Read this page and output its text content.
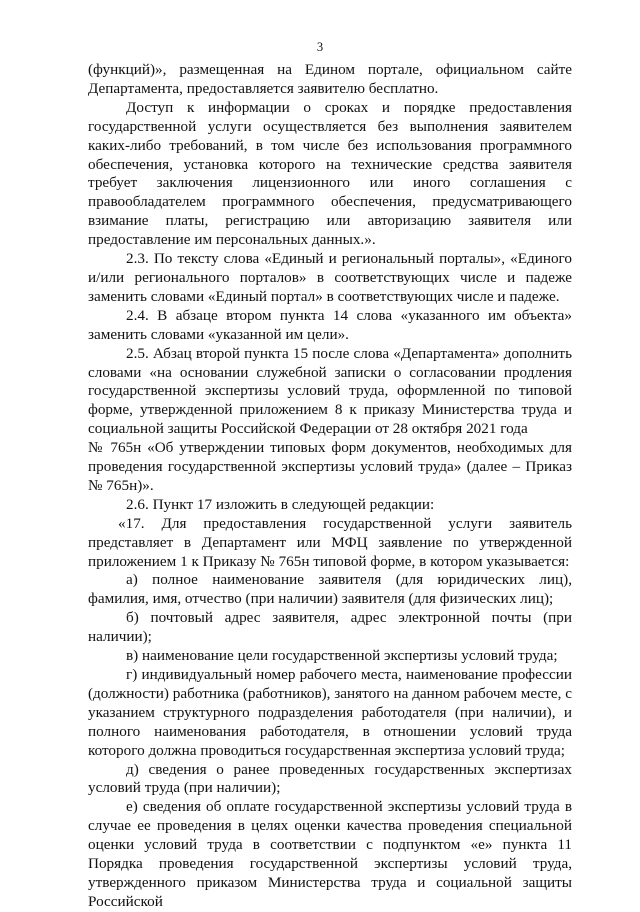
3

(функций)», размещенная на Едином портале, официальном сайте Департамента, предоставляется заявителю бесплатно.

Доступ к информации о сроках и порядке предоставления государственной услуги осуществляется без выполнения заявителем каких-либо требований, в том числе без использования программного обеспечения, установка которого на технические средства заявителя требует заключения лицензионного или иного соглашения с правообладателем программного обеспечения, предусматривающего взимание платы, регистрацию или авторизацию заявителя или предоставление им персональных данных.».

2.3. По тексту слова «Единый и региональный порталы», «Единого и/или регионального порталов» в соответствующих числе и падеже заменить словами «Единый портал» в соответствующих числе и падеже.

2.4. В абзаце втором пункта 14 слова «указанного им объекта» заменить словами «указанной им цели».

2.5. Абзац второй пункта 15 после слова «Департамента» дополнить словами «на основании служебной записки о согласовании продления государственной экспертизы условий труда, оформленной по типовой форме, утвержденной приложением 8 к приказу Министерства труда и социальной защиты Российской Федерации от 28 октября 2021 года

№ 765н «Об утверждении типовых форм документов, необходимых для проведения государственной экспертизы условий труда» (далее – Приказ № 765н)».

2.6. Пункт 17 изложить в следующей редакции:

«17. Для предоставления государственной услуги заявитель представляет в Департамент или МФЦ заявление по утвержденной приложением 1 к Приказу № 765н типовой форме, в котором указывается:

а) полное наименование заявителя (для юридических лиц), фамилия, имя, отчество (при наличии) заявителя (для физических лиц);

б) почтовый адрес заявителя, адрес электронной почты (при наличии);

в) наименование цели государственной экспертизы условий труда;

г) индивидуальный номер рабочего места, наименование профессии (должности) работника (работников), занятого на данном рабочем месте, с указанием структурного подразделения работодателя (при наличии), и полного наименования работодателя, в отношении условий труда которого должна проводиться государственная экспертиза условий труда;

д) сведения о ранее проведенных государственных экспертизах условий труда (при наличии);

е) сведения об оплате государственной экспертизы условий труда в случае ее проведения в целях оценки качества проведения специальной оценки условий труда в соответствии с подпунктом «е» пункта 11 Порядка проведения государственной экспертизы условий труда, утвержденного приказом Министерства труда и социальной защиты Российской
